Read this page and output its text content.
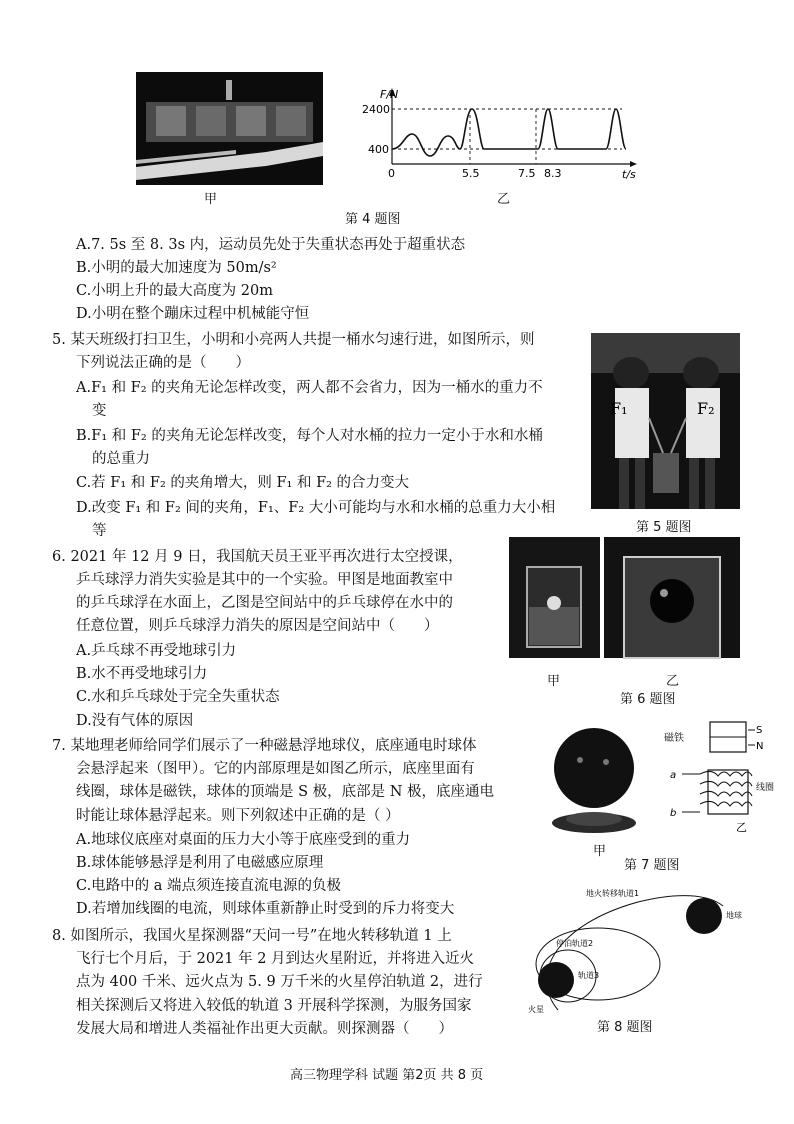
甲
F/N
t/s
2400
400
0	5.5	7.5 8.3
乙
第 4 题图
A.7. 5s 至 8. 3s 内，运动员先处于失重状态再处于超重状态
B.小明的最大加速度为 50m/s²
C.小明上升的最大高度为 20m
D.小明在整个蹦床过程中机械能守恒
5. 某天班级打扫卫生，小明和小亮两人共提一桶水匀速行进，如图所示，则
下列说法正确的是（　　）
A.F₁ 和 F₂ 的夹角无论怎样改变，两人都不会省力，因为一桶水的重力不
变
B.F₁ 和 F₂ 的夹角无论怎样改变，每个人对水桶的拉力一定小于水和水桶
的总重力
C.若 F₁ 和 F₂ 的夹角增大，则 F₁ 和 F₂ 的合力变大
D.改变 F₁ 和 F₂ 间的夹角，F₁、F₂ 大小可能均与水和水桶的总重力大小相
等
F₁	F₂
第 5 题图
6. 2021 年 12 月 9 日，我国航天员王亚平再次进行太空授课，
乒乓球浮力消失实验是其中的一个实验。甲图是地面教室中
的乒乓球浮在水面上，乙图是空间站中的乒乓球停在水中的
任意位置，则乒乓球浮力消失的原因是空间站中（　　）
A.乒乓球不再受地球引力
B.水不再受地球引力
C.水和乒乓球处于完全失重状态
D.没有气体的原因
甲	乙
第 6 题图
7. 某地理老师给同学们展示了一种磁悬浮地球仪，底座通电时球体
会悬浮起来（图甲）。它的内部原理是如图乙所示，底座里面有
线圈，球体是磁铁，球体的顶端是 S 极，底部是 N 极，底座通电
时能让球体悬浮起来。则下列叙述中正确的是（ ）
A.地球仪底座对桌面的压力大小等于底座受到的重力
B.球体能够悬浮是利用了电磁感应原理
C.电路中的 a 端点须连接直流电源的负极
D.若增加线圈的电流，则球体重新静止时受到的斥力将变大
甲
磁铁
S
N
a
b
线圈
乙
第 7 题图
8. 如图所示，我国火星探测器“天问一号”在地火转移轨道 1 上
飞行七个月后，于 2021 年 2 月到达火星附近，并将进入近火
点为 400 千米、远火点为 5. 9 万千米的火星停泊轨道 2，进行
相关探测后又将进入较低的轨道 3 开展科学探测，为服务国家
发展大局和增进人类福祉作出更大贡献。则探测器（　　）
地火转移轨道1
地球
停泊轨道2
轨道3
火星
第 8 题图
高三物理学科 试题 第2页 共 8 页
